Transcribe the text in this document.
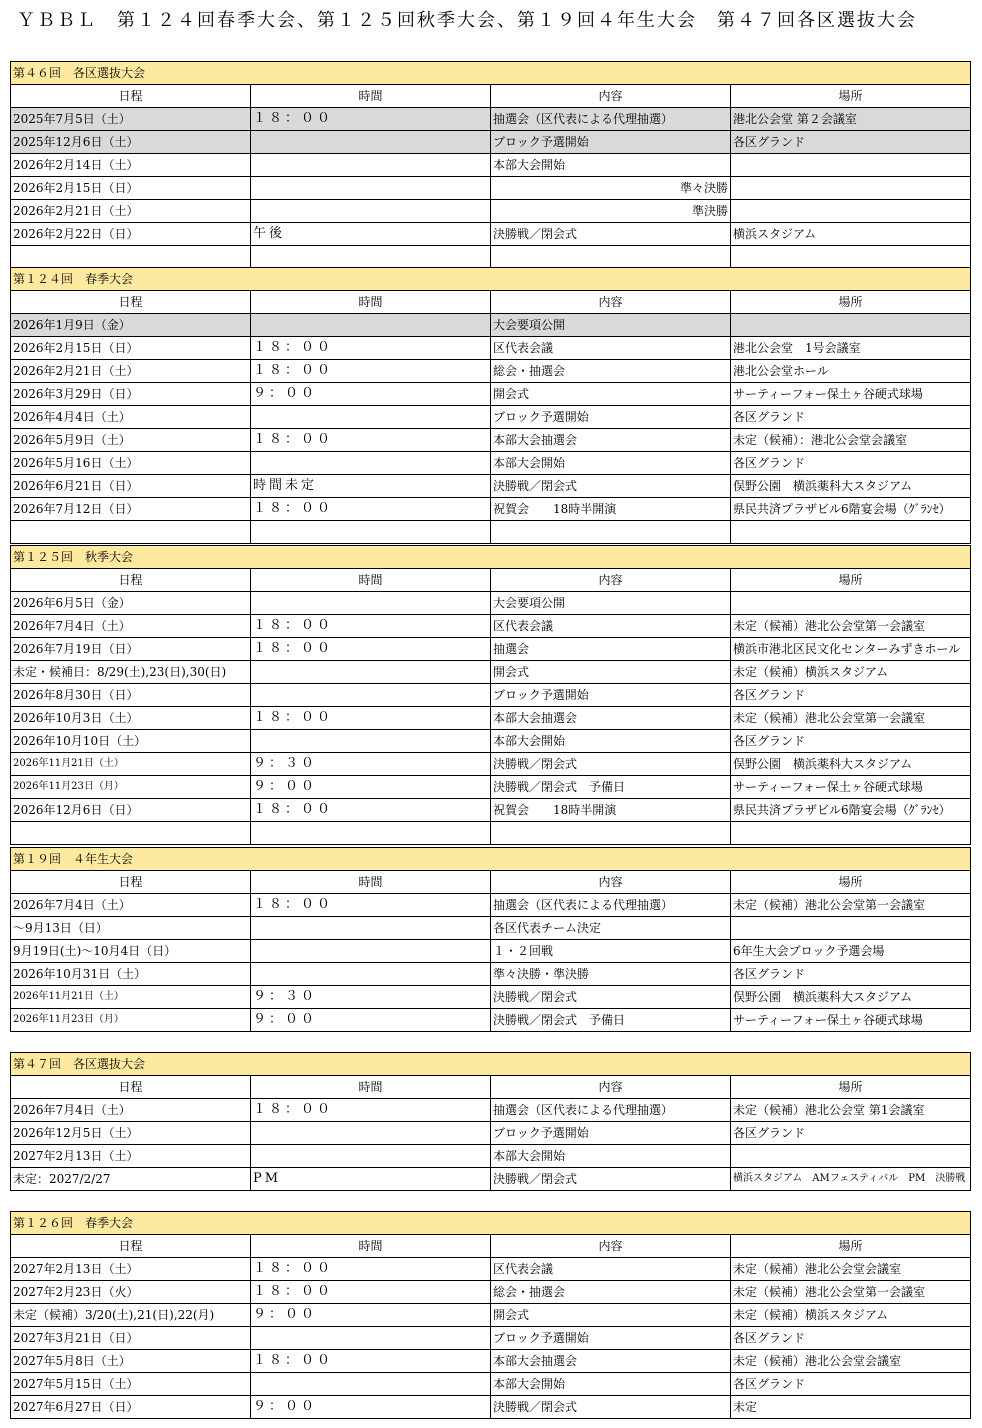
ＹＢＢＬ　第１２４回春季大会、第１２５回秋季大会、第１９回４年生大会　第４７回各区選抜大会
第４６回　各区選抜大会			
日程	時間	内容	場所
2025年7月5日（土）	１８：００	抽選会（区代表による代理抽選）	港北公会堂 第２会議室
2025年12月6日（土）		ブロック予選開始	各区グランド
2026年2月14日（土）		本部大会開始	
2026年2月15日（日）		準々決勝	
2026年2月21日（土）		準決勝	
2026年2月22日（日）	午後	決勝戦／閉会式	横浜スタジアム

第１２４回　春季大会			
日程	時間	内容	場所
2026年1月9日（金）		大会要項公開	
2026年2月15日（日）	１８：００	区代表会議	港北公会堂　1号会議室
2026年2月21日（土）	１８：００	総会・抽選会	港北公会堂ホール
2026年3月29日（日）	９：００	開会式	サーティーフォー保土ヶ谷硬式球場
2026年4月4日（土）		ブロック予選開始	各区グランド
2026年5月9日（土）	１８：００	本部大会抽選会	未定（候補）：港北公会堂会議室
2026年5月16日（土）		本部大会開始	各区グランド
2026年6月21日（日）	時間未定	決勝戦／閉会式	俣野公園　横浜薬科大スタジアム
2026年7月12日（日）	１８：００	祝賀会　　18時半開演	県民共済プラザビル6階宴会場（ｸﾞﾗﾝｾ）

第１２５回　秋季大会			
日程	時間	内容	場所
2026年6月5日（金）		大会要項公開	
2026年7月4日（土）	１８：００	区代表会議	未定（候補）港北公会堂第一会議室
2026年7月19日（日）	１８：００	抽選会	横浜市港北区民文化センターみずきホール
未定・候補日：8/29(土),23(日),30(日)		開会式	未定（候補）横浜スタジアム
2026年8月30日（日）		ブロック予選開始	各区グランド
2026年10月3日（土）	１８：００	本部大会抽選会	未定（候補）港北公会堂第一会議室
2026年10月10日（土）		本部大会開始	各区グランド
2026年11月21日（土）	９：３０	決勝戦／閉会式	俣野公園　横浜薬科大スタジアム
2026年11月23日（月）	９：００	決勝戦／閉会式　予備日	サーティーフォー保土ヶ谷硬式球場
2026年12月6日（日）	１８：００	祝賀会　　18時半開演	県民共済プラザビル6階宴会場（ｸﾞﾗﾝｾ）

第１９回　４年生大会			
日程	時間	内容	場所
2026年7月4日（土）	１８：００	抽選会（区代表による代理抽選）	未定（候補）港北公会堂第一会議室
～9月13日（日）		各区代表チーム決定	
9月19日(土)～10月4日（日）		１・２回戦	6年生大会ブロック予選会場
2026年10月31日（土）		準々決勝・準決勝	各区グランド
2026年11月21日（土）	９：３０	決勝戦／閉会式	俣野公園　横浜薬科大スタジアム
2026年11月23日（月）	９：００	決勝戦／閉会式　予備日	サーティーフォー保土ヶ谷硬式球場
第４７回　各区選抜大会			
日程	時間	内容	場所
2026年7月4日（土）	１８：００	抽選会（区代表による代理抽選）	未定（候補）港北公会堂 第1会議室
2026年12月5日（土）		ブロック予選開始	各区グランド
2027年2月13日（土）		本部大会開始	
未定：2027/2/27	PM	決勝戦／閉会式	横浜スタジアム　AMフェスティバル　PM　決勝戦
第１２６回　春季大会			
日程	時間	内容	場所
2027年2月13日（土）	１８：００	区代表会議	未定（候補）港北公会堂会議室
2027年2月23日（火）	１８：００	総会・抽選会	未定（候補）港北公会堂第一会議室
未定（候補）3/20(土),21(日),22(月)	９：００	開会式	未定（候補）横浜スタジアム
2027年3月21日（日）		ブロック予選開始	各区グランド
2027年5月8日（土）	１８：００	本部大会抽選会	未定（候補）港北公会堂会議室
2027年5月15日（土）		本部大会開始	各区グランド
2027年6月27日（日）	９：００	決勝戦／閉会式	未定
